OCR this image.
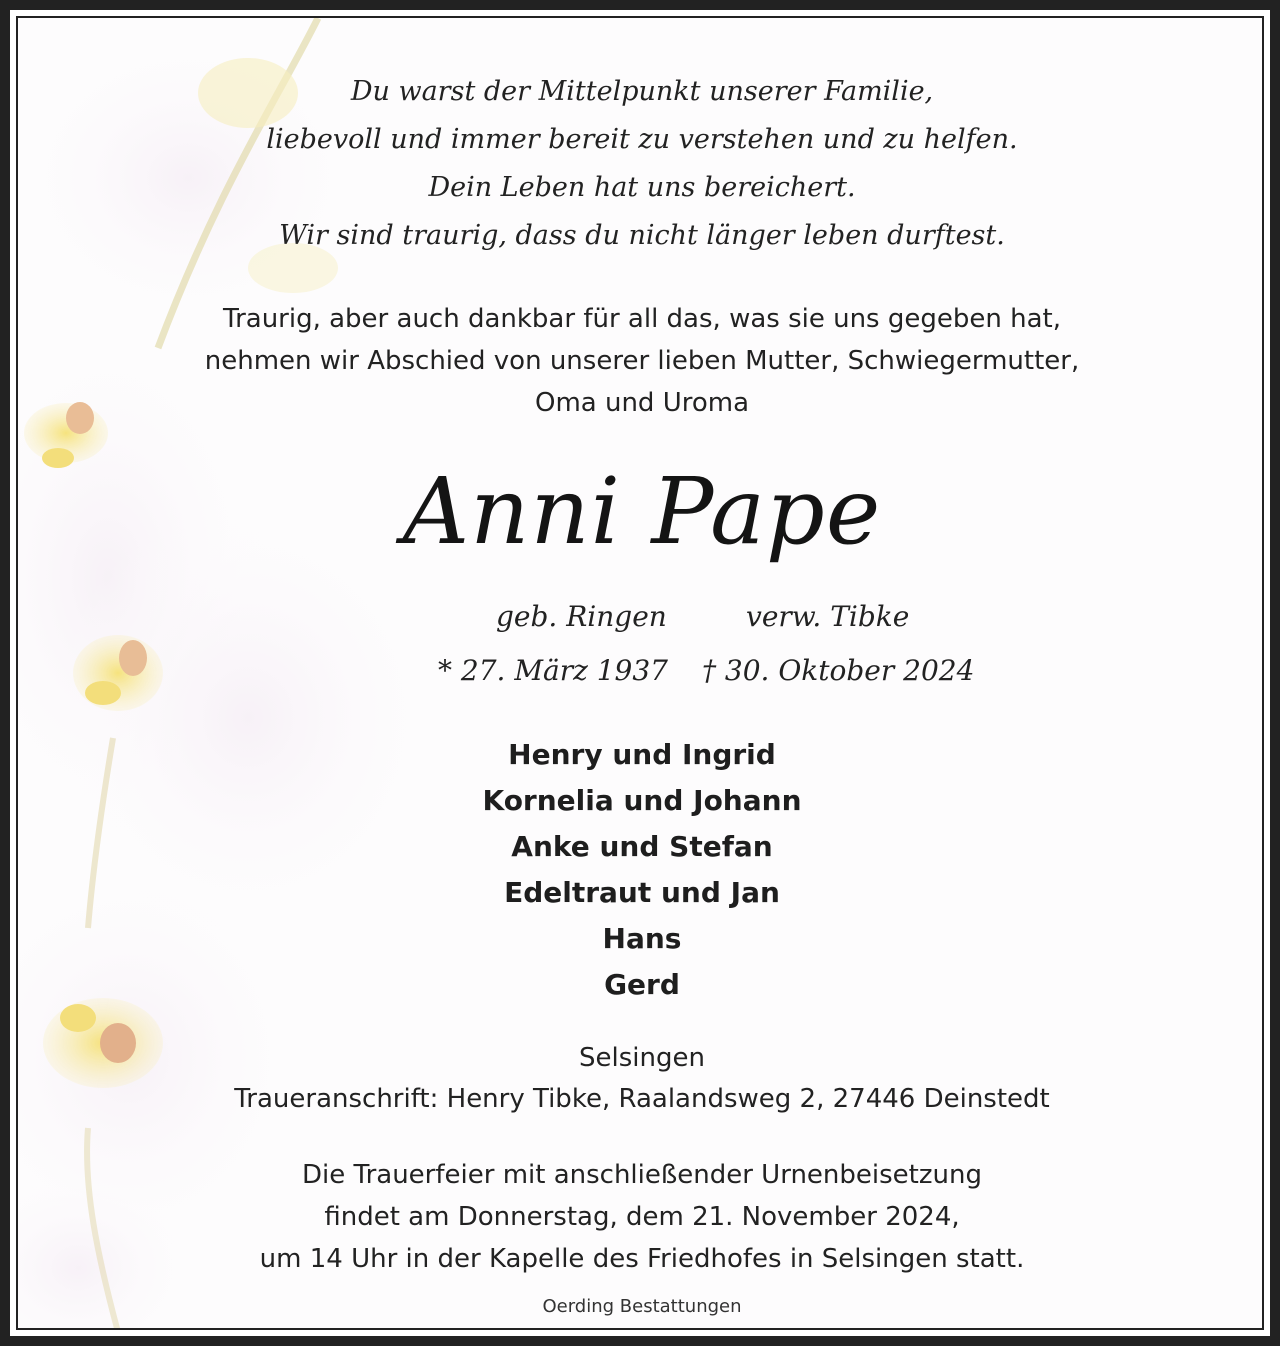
Du warst der Mittelpunkt unserer Familie,
liebevoll und immer bereit zu verstehen und zu helfen.
Dein Leben hat uns bereichert.
Wir sind traurig, dass du nicht länger leben durftest.
Traurig, aber auch dankbar für all das, was sie uns gegeben hat,
nehmen wir Abschied von unserer lieben Mutter, Schwiegermutter,
Oma und Uroma
Anni Pape
geb. Ringen	verw. Tibke
* 27. März 1937 † 30. Oktober 2024
Henry und Ingrid
Kornelia und Johann
Anke und Stefan
Edeltraut und Jan
Hans
Gerd
Selsingen
Traueranschrift: Henry Tibke, Raalandsweg 2, 27446 Deinstedt
Die Trauerfeier mit anschließender Urnenbeisetzung
findet am Donnerstag, dem 21. November 2024,
um 14 Uhr in der Kapelle des Friedhofes in Selsingen statt.
Oerding Bestattungen
